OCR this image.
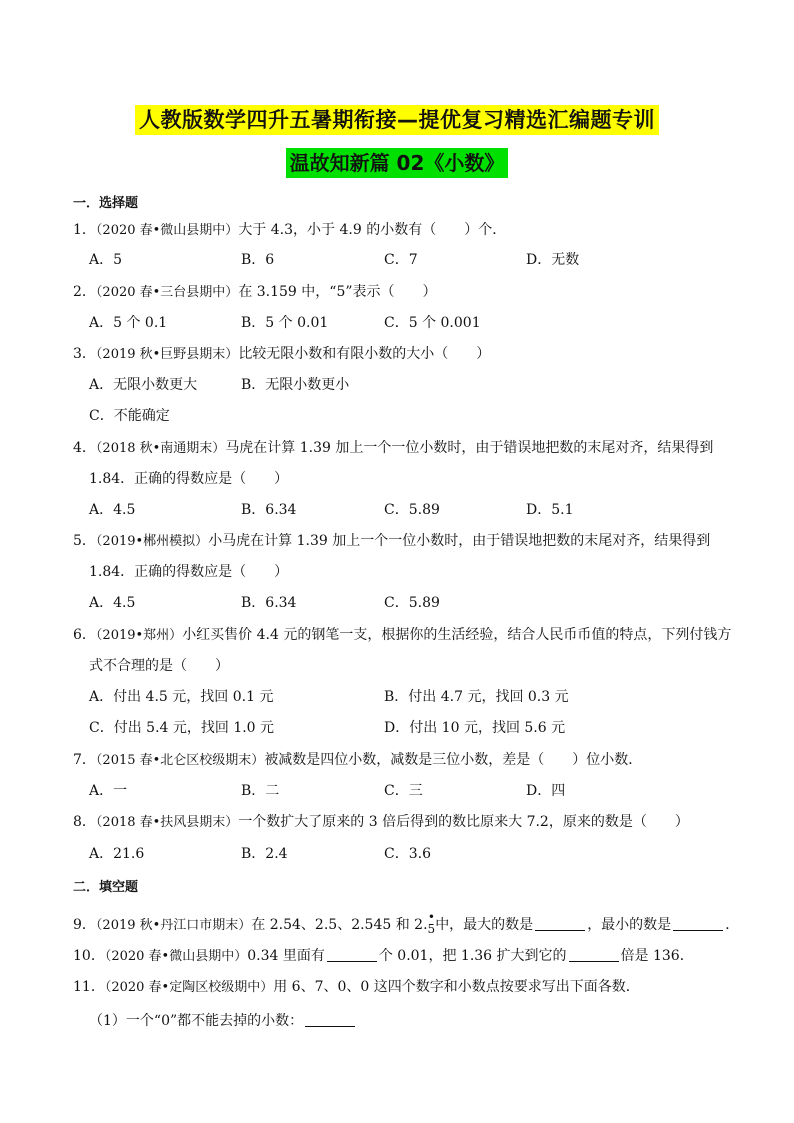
人教版数学四升五暑期衔接—提优复习精选汇编题专训
温故知新篇 02《小数》
一．选择题
1．（2020 春•微山县期中）大于 4.3，小于 4.9 的小数有（　　）个．
A．5	B．6	C．7	D．无数
2．（2020 春•三台县期中）在 3.159 中，“5”表示（　　）
A．5 个 0.1	B．5 个 0.01	C．5 个 0.001
3．（2019 秋•巨野县期末）比较无限小数和有限小数的大小（　　）
A．无限小数更大	B．无限小数更小
C．不能确定
4．（2018 秋•南通期末）马虎在计算 1.39 加上一个一位小数时，由于错误地把数的末尾对齐，结果得到
1.84．正确的得数应是（　　）
A．4.5	B．6.34	C．5.89	D．5.1
5．（2019•郴州模拟）小马虎在计算 1.39 加上一个一位小数时，由于错误地把数的末尾对齐，结果得到
1.84．正确的得数应是（　　）
A．4.5	B．6.34	C．5.89
6．（2019•郑州）小红买售价 4.4 元的钢笔一支，根据你的生活经验，结合人民币币值的特点，下列付钱方
式不合理的是（　　）
A．付出 4.5 元，找回 0.1 元	B．付出 4.7 元，找回 0.3 元
C．付出 5.4 元，找回 1.0 元	D．付出 10 元，找回 5.6 元
7．（2015 春•北仑区校级期末）被减数是四位小数，减数是三位小数，差是（　　）位小数．
A．一	B．二	C．三	D．四
8．（2018 春•扶风县期末）一个数扩大了原来的 3 倍后得到的数比原来大 7.2，原来的数是（　　）
A．21.6	B．2.4	C．3.6
二．填空题
9．（2019 秋•丹江口市期末）在 2.54、2.5、2.545 和 2. •
5中，最大的数是	，最小的数是	．
10．（2020 春•微山县期中）0.34 里面有	个 0.01，把 1.36 扩大到它的	倍是 136．
11．（2020 春•定陶区校级期中）用 6、7、0、0 这四个数字和小数点按要求写出下面各数．
（1）一个“0”都不能去掉的小数：
